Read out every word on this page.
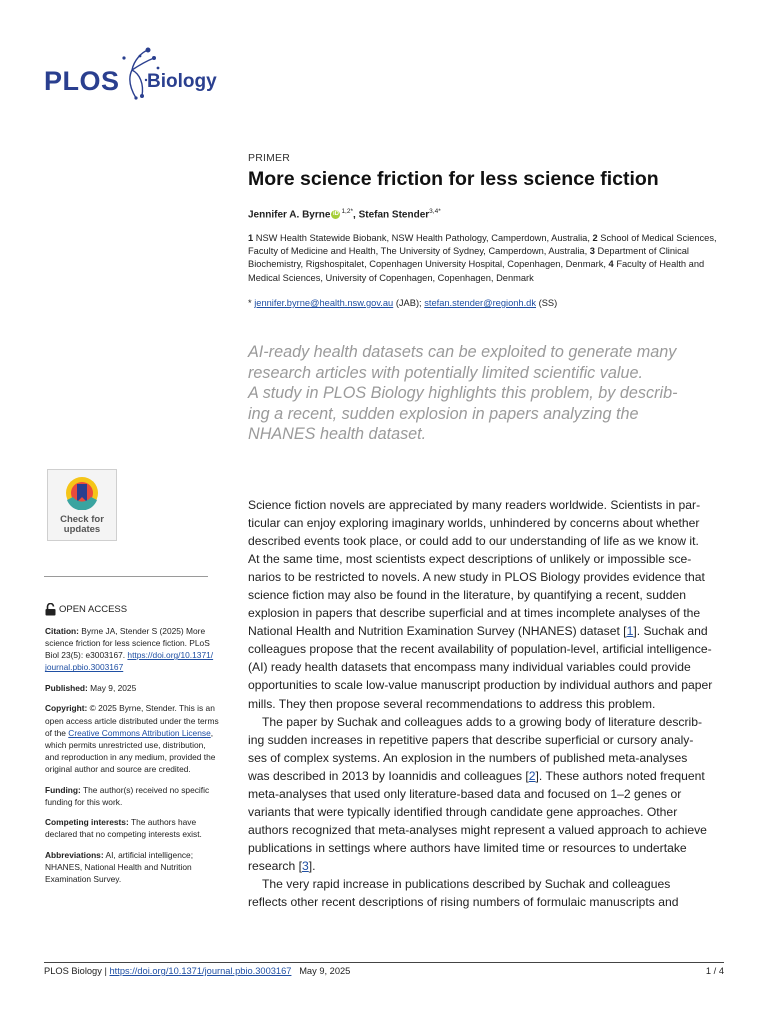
PLOS Biology
PRIMER
More science friction for less science fiction
Jennifer A. Byrne iD $^{1,2*}$, Stefan Stender$^{3,4*}$
1 NSW Health Statewide Biobank, NSW Health Pathology, Camperdown, Australia, 2 School of Medical Sciences, Faculty of Medicine and Health, The University of Sydney, Camperdown, Australia, 3 Department of Clinical Biochemistry, Rigshospitalet, Copenhagen University Hospital, Copenhagen, Denmark, 4 Faculty of Health and Medical Sciences, University of Copenhagen, Copenhagen, Denmark
* jennifer.byrne@health.nsw.gov.au (JAB); stefan.stender@regionh.dk (SS)
AI-ready health datasets can be exploited to generate many
research articles with potentially limited scientific value.
A study in PLOS Biology highlights this problem, by describ-
ing a recent, sudden explosion in papers analyzing the
NHANES health dataset.
Check for
updates
OPEN ACCESS
Citation: Byrne JA, Stender S (2025) More
science friction for less science fiction. PLoS
Biol 23(5): e3003167. https://doi.org/10.1371/
journal.pbio.3003167
Published: May 9, 2025
Copyright: © 2025 Byrne, Stender. This is an
open access article distributed under the terms
of the Creative Commons Attribution License,
which permits unrestricted use, distribution,
and reproduction in any medium, provided the
original author and source are credited.
Funding: The author(s) received no specific
funding for this work.
Competing interests: The authors have
declared that no competing interests exist.
Abbreviations: AI, artificial intelligence;
NHANES, National Health and Nutrition
Examination Survey.
Science fiction novels are appreciated by many readers worldwide. Scientists in par-
ticular can enjoy exploring imaginary worlds, unhindered by concerns about whether
described events took place, or could add to our understanding of life as we know it.
At the same time, most scientists expect descriptions of unlikely or impossible sce-
narios to be restricted to novels. A new study in PLOS Biology provides evidence that
science fiction may also be found in the literature, by quantifying a recent, sudden
explosion in papers that describe superficial and at times incomplete analyses of the
National Health and Nutrition Examination Survey (NHANES) dataset [1]. Suchak and
colleagues propose that the recent availability of population-level, artificial intelligence-
(AI) ready health datasets that encompass many individual variables could provide
opportunities to scale low-value manuscript production by individual authors and paper
mills. They then propose several recommendations to address this problem.
The paper by Suchak and colleagues adds to a growing body of literature describ-
ing sudden increases in repetitive papers that describe superficial or cursory analy-
ses of complex systems. An explosion in the numbers of published meta-analyses
was described in 2013 by Ioannidis and colleagues [2]. These authors noted frequent
meta-analyses that used only literature-based data and focused on 1–2 genes or
variants that were typically identified through candidate gene approaches. Other
authors recognized that meta-analyses might represent a valued approach to achieve
publications in settings where authors have limited time or resources to undertake
research [3].
The very rapid increase in publications described by Suchak and colleagues
reflects other recent descriptions of rising numbers of formulaic manuscripts and
PLOS Biology | https://doi.org/10.1371/journal.pbio.3003167 May 9, 2025	1 / 4
